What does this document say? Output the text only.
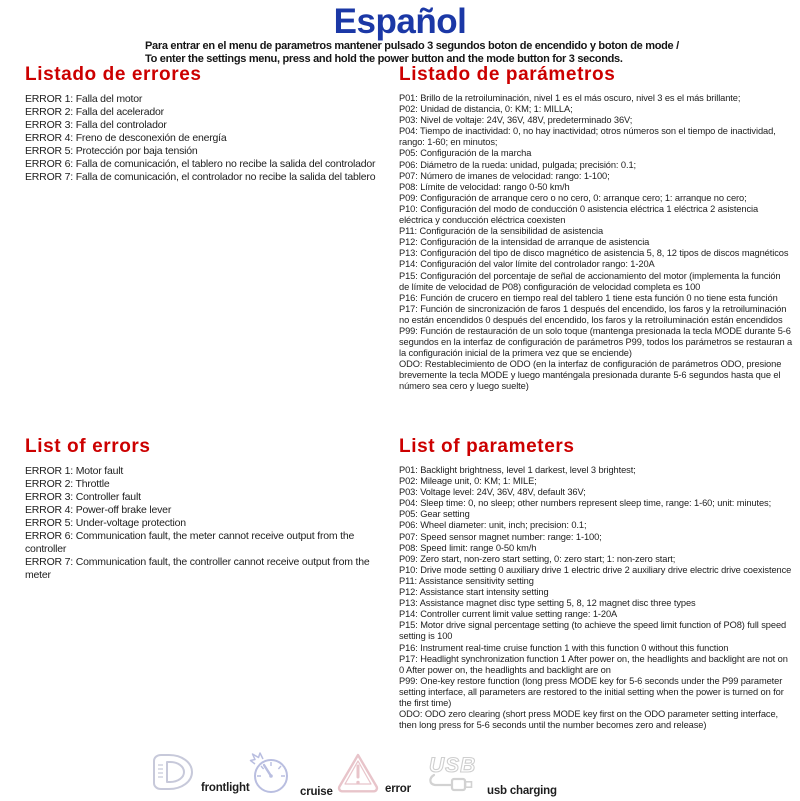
Español
Para entrar en el menu de parametros mantener pulsado 3 segundos boton de encendido y boton de mode /
To enter the settings menu, press and hold the power button and the mode button for 3 seconds.
Listado de errores

ERROR 1: Falla del motor

ERROR 2: Falla del acelerador

ERROR 3: Falla del controlador

ERROR 4: Freno de desconexión de energía

ERROR 5: Protección por baja tensión

ERROR 6: Falla de comunicación, el tablero no recibe la salida del controlador

ERROR 7: Falla de comunicación, el controlador no recibe la salida del tablero

Listado de parámetros

P01: Brillo de la retroiluminación, nivel 1 es el más oscuro, nivel 3 es el más brillante;

P02: Unidad de distancia, 0: KM; 1: MILLA;

P03: Nivel de voltaje: 24V, 36V, 48V, predeterminado 36V;

P04: Tiempo de inactividad: 0, no hay inactividad; otros números son el tiempo de inactividad, rango: 1-60; en minutos;

P05: Configuración de la marcha

P06: Diámetro de la rueda: unidad, pulgada; precisión: 0.1;

P07: Número de imanes de velocidad: rango: 1-100;

P08: Límite de velocidad: rango 0-50 km/h

P09: Configuración de arranque cero o no cero, 0: arranque cero; 1: arranque no cero;

P10: Configuración del modo de conducción 0 asistencia eléctrica 1 eléctrica 2 asistencia eléctrica y conducción eléctrica coexisten

P11: Configuración de la sensibilidad de asistencia

P12: Configuración de la intensidad de arranque de asistencia

P13: Configuración del tipo de disco magnético de asistencia 5, 8, 12 tipos de discos magnéticos

P14: Configuración del valor límite del controlador rango: 1-20A

P15: Configuración del porcentaje de señal de accionamiento del motor (implementa la función de límite de velocidad de P08) configuración de velocidad completa es 100

P16: Función de crucero en tiempo real del tablero 1 tiene esta función 0 no tiene esta función

P17: Función de sincronización de faros 1 después del encendido, los faros y la retroiluminación no están encendidos 0 después del encendido, los faros y la retroiluminación están encendidos

P99: Función de restauración de un solo toque (mantenga presionada la tecla MODE durante 5-6 segundos en la interfaz de configuración de parámetros P99, todos los parámetros se restauran a la configuración inicial de la primera vez que se enciende)

ODO: Restablecimiento de ODO (en la interfaz de configuración de parámetros ODO, presione brevemente la tecla MODE y luego manténgala presionada durante 5-6 segundos hasta que el número sea cero y luego suelte)

List of errors

ERROR 1: Motor fault

ERROR 2: Throttle

ERROR 3: Controller fault

ERROR 4: Power-off brake lever

ERROR 5: Under-voltage protection

ERROR 6: Communication fault, the meter cannot receive output from the controller

ERROR 7: Communication fault, the controller cannot receive output from the meter

List of parameters

P01: Backlight brightness, level 1 darkest, level 3 brightest;

P02: Mileage unit, 0: KM; 1: MILE;

P03: Voltage level: 24V, 36V, 48V, default 36V;

P04: Sleep time: 0, no sleep; other numbers represent sleep time, range: 1-60; unit: minutes;

P05: Gear setting

P06: Wheel diameter: unit, inch; precision: 0.1;

P07: Speed sensor magnet number: range: 1-100;

P08: Speed limit: range 0-50 km/h

P09: Zero start, non-zero start setting, 0: zero start; 1: non-zero start;

P10: Drive mode setting 0 auxiliary drive 1 electric drive 2 auxiliary drive electric drive coexistence

P11: Assistance sensitivity setting

P12: Assistance start intensity setting

P13: Assistance magnet disc type setting 5, 8, 12 magnet disc three types

P14: Controller current limit value setting range: 1-20A

P15: Motor drive signal percentage setting (to achieve the speed limit function of PO8) full speed setting is 100

P16: Instrument real-time cruise function 1 with this function 0 without this function

P17: Headlight synchronization function 1 After power on, the headlights and backlight are not on 0 After power on, the headlights and backlight are on

P99: One-key restore function (long press MODE key for 5-6 seconds under the P99 parameter setting interface, all parameters are restored to the initial setting when the power is turned on for the first time)

ODO: ODO zero clearing (short press MODE key first on the ODO parameter setting interface, then long press for 5-6 seconds until the number becomes zero and release)

frontlight	cruise	error
USB
usb charging
